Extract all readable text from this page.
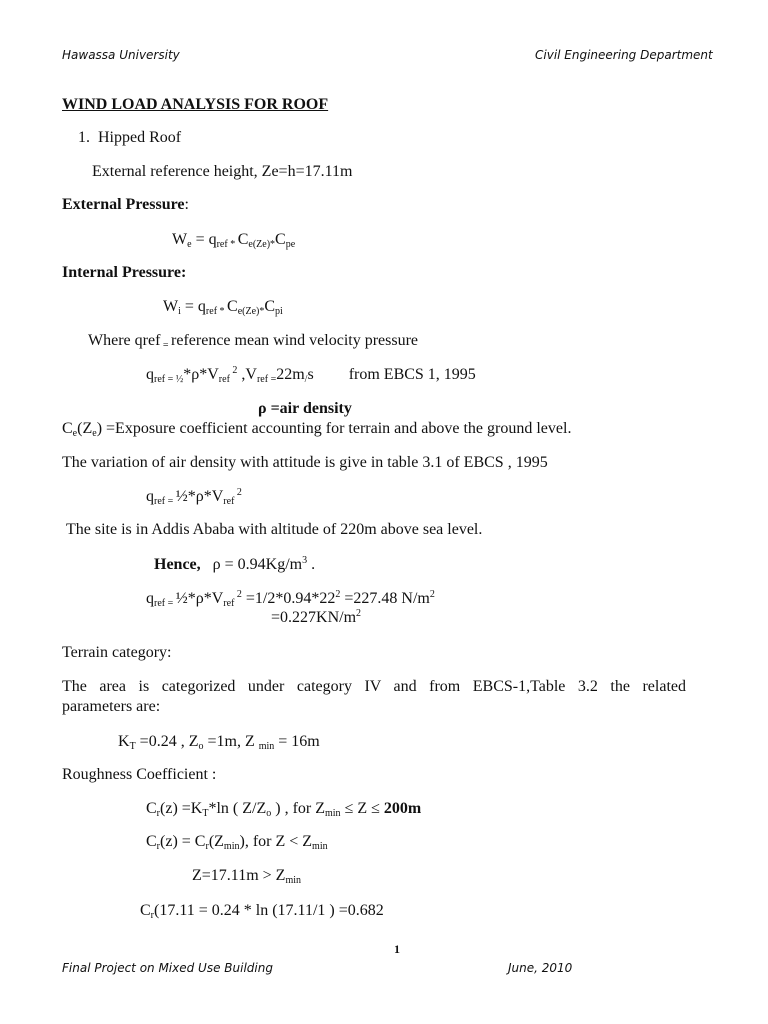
Hawassa University	Civil Engineering Department
WIND LOAD ANALYSIS FOR ROOF
1. Hipped Roof
External reference height, Ze=h=17.11m
External Pressure:
$W_e = q_{ref *}$ $C_{e(Ze)*}C_{pe}$
Internal Pressure:
$W_i = q_{ref *}$ $C_{e(Ze)*}C_{pi}$
Where qref $_=$ reference mean wind velocity pressure
$q_{ref = \frac{1}{2}}*\rho*V_{ref}$ $^2$ $,V_{ref =}22m_/s$ from EBCS 1, 1995
ρ =air density
$C_e(Z_e)$ =Exposure coefficient accounting for terrain and above the ground level.
The variation of air density with attitude is give in table 3.1 of EBCS , 1995
$q_{ref =}$ $\frac{1}{2}*\rho*V_{ref}$ $^2$
The site is in Addis Ababa with altitude of 220m above sea level.
Hence, $\rho = 0.94Kg/m^3$ .
$q_{ref =}$ $\frac{1}{2}*\rho*V_{ref}$ $^2 =1/2*0.94*22^2 =227.48$ $N/m^2$
$=0.227KN/m^2$
Terrain category:
The area is categorized under category IV and from EBCS-1,Table 3.2 the related
parameters are:
$K_T =0.24$ , $Z_o =1m$, Z $_{min}$ = 16m
Roughness Coefficient :
$C_r(z) =K_T*\ln$ ( $Z/Z_o$ ) , for $Z_{min} \le Z \le 200m$
$C_r(z) = C_r(Z_{min})$, for $Z < Z_{min}$
$Z=17.11m > Z_{min}$
$C_r(17.11 = 0.24 * \ln (17.11/1$ ) =0.682
1
Final Project on Mixed Use Building	June, 2010
